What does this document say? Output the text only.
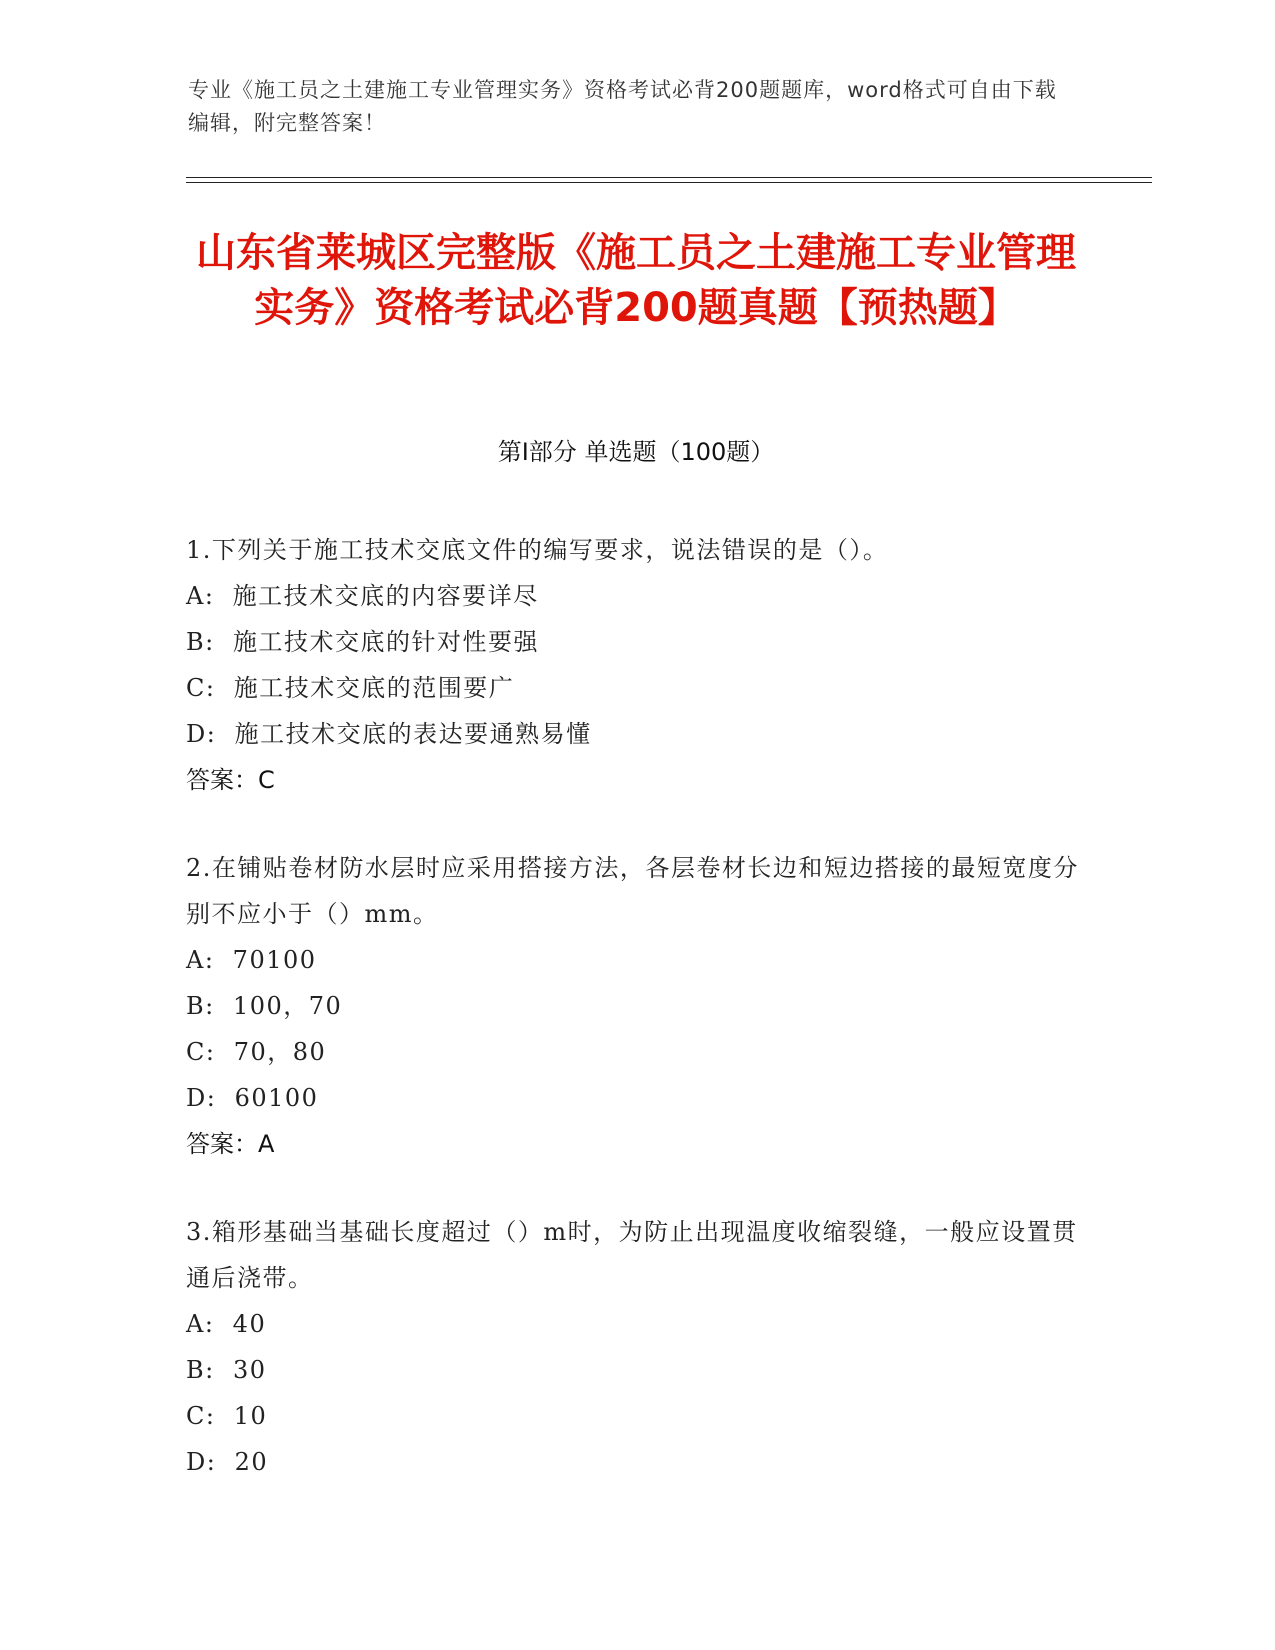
专业《施工员之土建施工专业管理实务》资格考试必背200题题库，word格式可自由下载编辑，附完整答案！
山东省莱城区完整版《施工员之土建施工专业管理实务》资格考试必背200题真题【预热题】
第I部分 单选题（100题）

1.下列关于施工技术交底文件的编写要求，说法错误的是（）。

A:  施工技术交底的内容要详尽
B:  施工技术交底的针对性要强
C:  施工技术交底的范围要广
D:  施工技术交底的表达要通熟易懂
答案：C

2.在铺贴卷材防水层时应采用搭接方法，各层卷材长边和短边搭接的最短宽度分别不应小于（）mm。

A:  70100
B:  100，70
C:  70，80
D:  60100
答案：A

3.箱形基础当基础长度超过（）m时，为防止出现温度收缩裂缝，一般应设置贯通后浇带。

A:  40
B:  30
C:  10
D:  20
